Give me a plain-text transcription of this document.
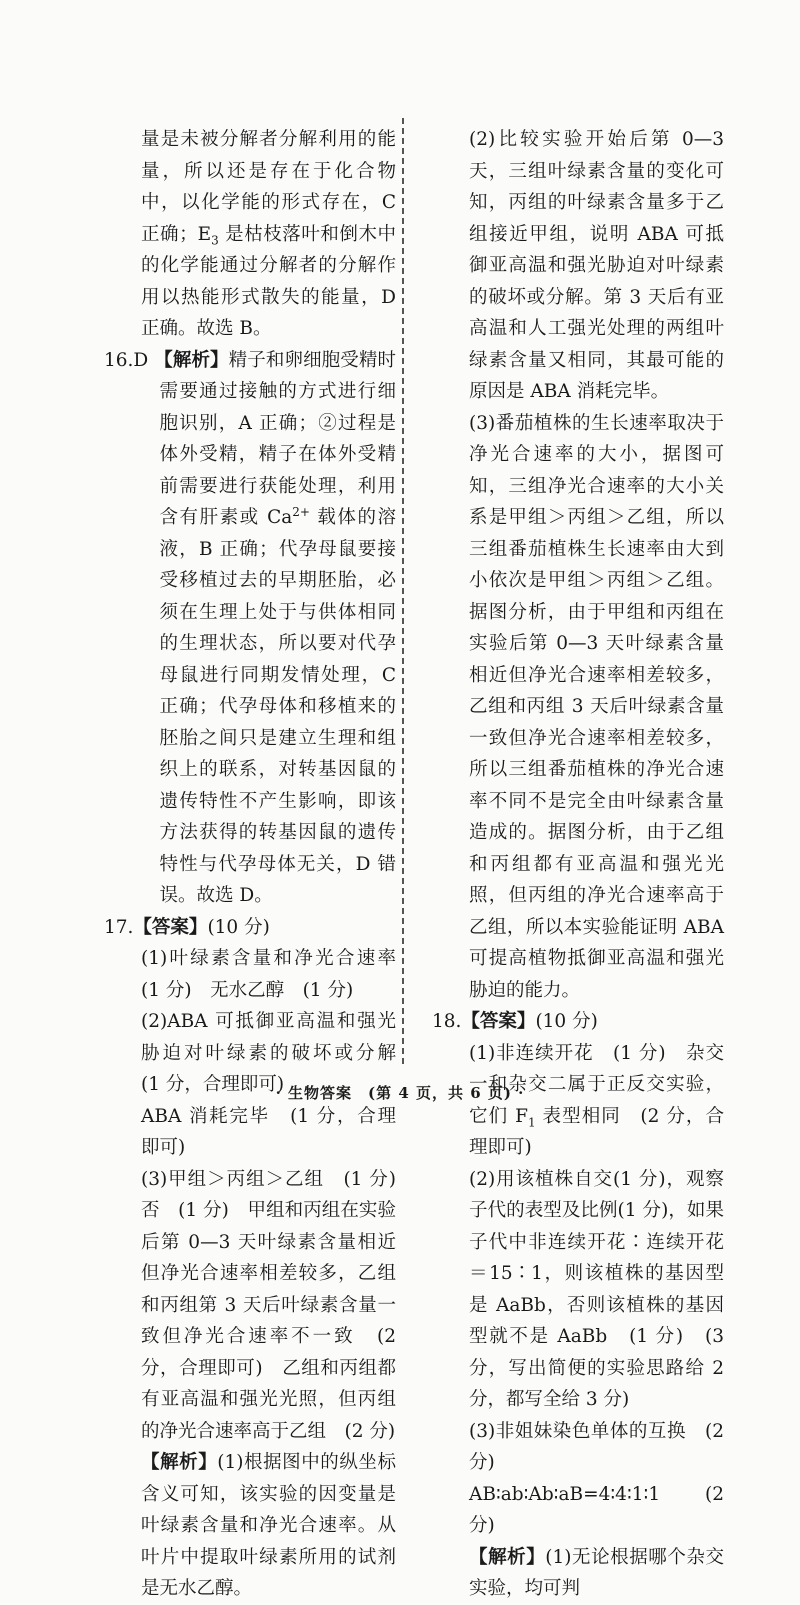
量是未被分解者分解利用的能量，所以还是存在于化合物中，以化学能的形式存在，C 正确；$E_3$ 是枯枝落叶和倒木中的化学能通过分解者的分解作用以热能形式散失的能量，D 正确。故选 B。

16.D 【解析】精子和卵细胞受精时需要通过接触的方式进行细胞识别，A 正确；②过程是体外受精，精子在体外受精前需要进行获能处理，利用含有肝素或 $Ca^{2+}$ 载体的溶液，B 正确；代孕母鼠要接受移植过去的早期胚胎，必须在生理上处于与供体相同的生理状态，所以要对代孕母鼠进行同期发情处理，C 正确；代孕母体和移植来的胚胎之间只是建立生理和组织上的联系，对转基因鼠的遗传特性不产生影响，即该方法获得的转基因鼠的遗传特性与代孕母体无关，D 错误。故选 D。

17.【答案】(10 分)

(1)叶绿素含量和净光合速率　(1 分)　无水乙醇　(1 分)

(2)ABA 可抵御亚高温和强光胁迫对叶绿素的破坏或分解　(1 分，合理即可)

ABA 消耗完毕　(1 分，合理即可)

(3)甲组＞丙组＞乙组　(1 分)　否　(1 分)　甲组和丙组在实验后第 0—3 天叶绿素含量相近但净光合速率相差较多，乙组和丙组第 3 天后叶绿素含量一致但净光合速率不一致　(2 分，合理即可)　乙组和丙组都有亚高温和强光光照，但丙组的净光合速率高于乙组　(2 分)

【解析】(1)根据图中的纵坐标含义可知，该实验的因变量是叶绿素含量和净光合速率。从叶片中提取叶绿素所用的试剂是无水乙醇。

(2)比较实验开始后第 0—3 天，三组叶绿素含量的变化可知，丙组的叶绿素含量多于乙组接近甲组，说明 ABA 可抵御亚高温和强光胁迫对叶绿素的破坏或分解。第 3 天后有亚高温和人工强光处理的两组叶绿素含量又相同，其最可能的原因是 ABA 消耗完毕。

(3)番茄植株的生长速率取决于净光合速率的大小，据图可知，三组净光合速率的大小关系是甲组＞丙组＞乙组，所以三组番茄植株生长速率由大到小依次是甲组＞丙组＞乙组。据图分析，由于甲组和丙组在实验后第 0—3 天叶绿素含量相近但净光合速率相差较多，乙组和丙组 3 天后叶绿素含量一致但净光合速率相差较多，所以三组番茄植株的净光合速率不同不是完全由叶绿素含量造成的。据图分析，由于乙组和丙组都有亚高温和强光光照，但丙组的净光合速率高于乙组，所以本实验能证明 ABA 可提高植物抵御亚高温和强光胁迫的能力。

18.【答案】(10 分)

(1)非连续开花　(1 分)　杂交一和杂交二属于正反交实验，它们 $F_1$ 表型相同　(2 分，合理即可)

(2)用该植株自交(1 分)，观察子代的表型及比例(1 分)，如果子代中非连续开花∶连续开花＝15∶1，则该植株的基因型是 AaBb，否则该植株的基因型就不是 AaBb　(1 分)　(3 分，写出简便的实验思路给 2 分，都写全给 3 分)

(3)非姐妹染色单体的互换　(2 分)

AB∶ab∶Ab∶aB=4∶4∶1∶1　(2 分)

【解析】(1)无论根据哪个杂交实验，均可判

· 生物答案　(第 4 页，共 6 页) ·
